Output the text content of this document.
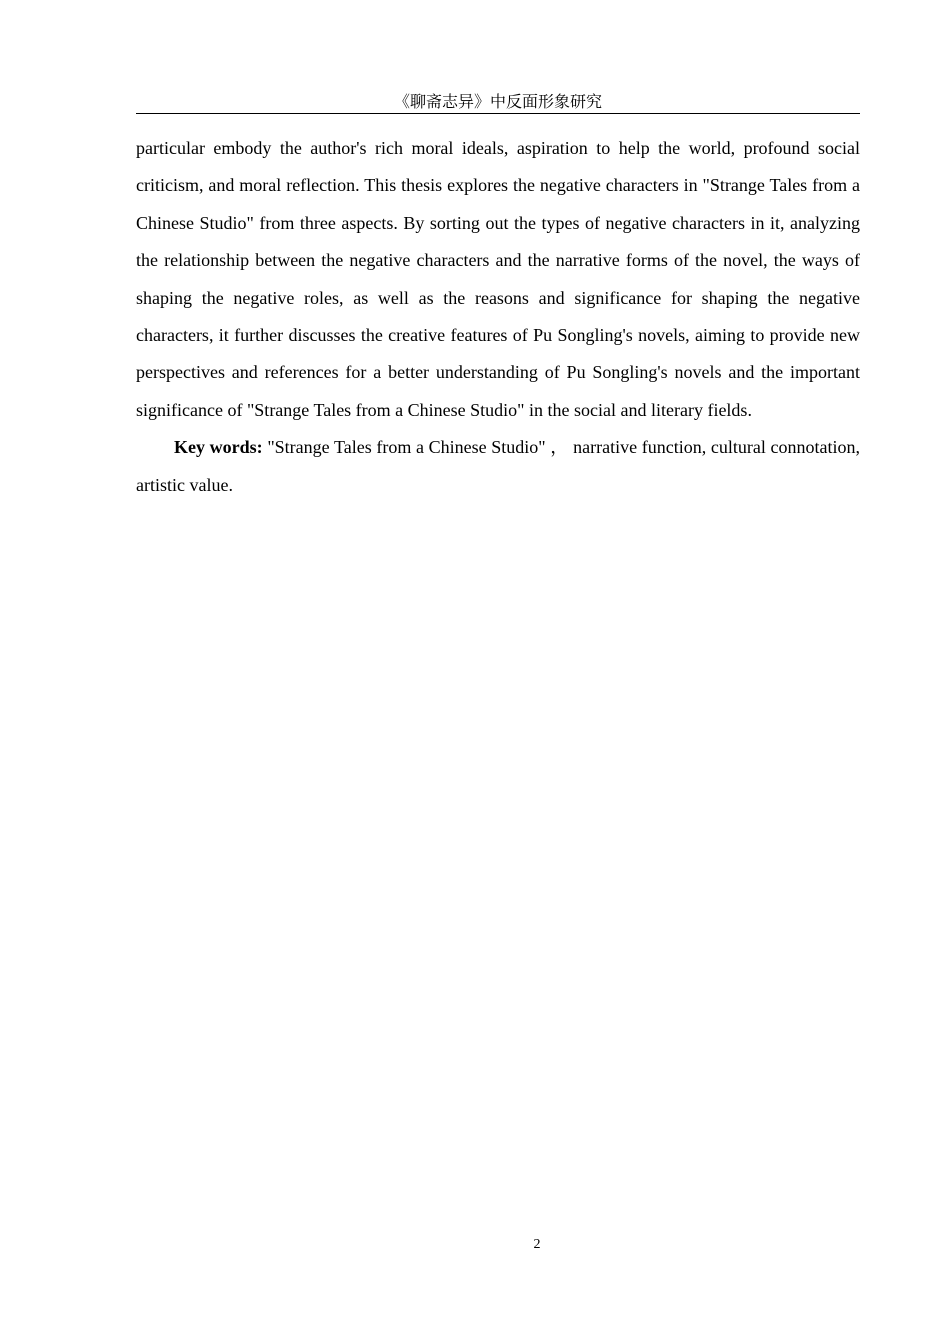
《聊斋志异》中反面形象研究

particular embody the author's rich moral ideals, aspiration to help the world, profound social criticism, and moral reflection. This thesis explores the negative characters in "Strange Tales from a Chinese Studio" from three aspects. By sorting out the types of negative characters in it, analyzing the relationship between the negative characters and the narrative forms of the novel, the ways of shaping the negative roles, as well as the reasons and significance for shaping the negative characters, it further discusses the creative features of Pu Songling's novels, aiming to provide new perspectives and references for a better understanding of Pu Songling's novels and the important significance of "Strange Tales from a Chinese Studio" in the social and literary fields.

Key words: "Strange Tales from a Chinese Studio" ， narrative function, cultural connotation, artistic value.

2
